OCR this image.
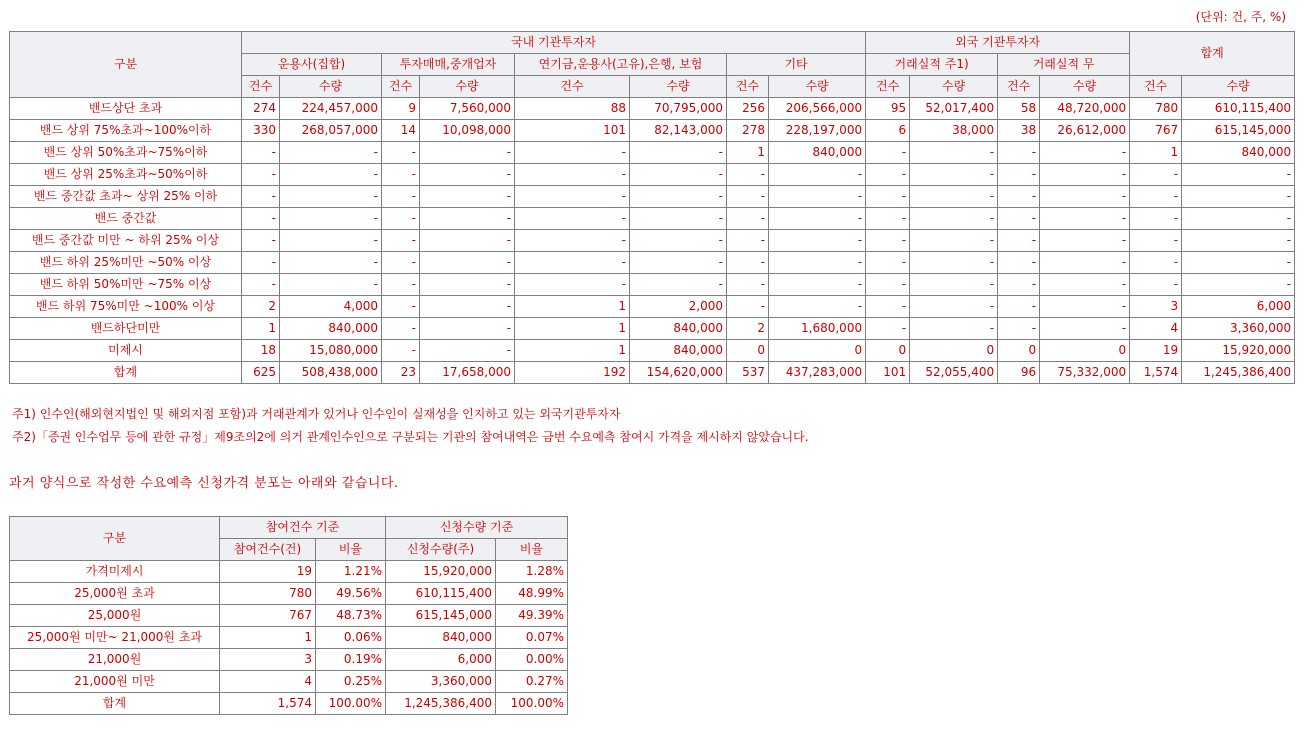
(단위: 건, 주, %)
구분	국내 기관투자자								외국 기관투자자				합계	
	운용사(집합)		투자매매,중개업자		연기금,운용사(고유),은행, 보험		기타		거래실적 주1)		거래실적 무			
	건수	수량	건수	수량	건수	수량	건수	수량	건수	수량	건수	수량	건수	수량
밴드상단 초과	274	224,457,000	9	7,560,000	88	70,795,000	256	206,566,000	95	52,017,400	58	48,720,000	780	610,115,400
밴드 상위 75%초과~100%이하	330	268,057,000	14	10,098,000	101	82,143,000	278	228,197,000	6	38,000	38	26,612,000	767	615,145,000
밴드 상위 50%초과~75%이하	-	-	-	-	-	-	1	840,000	-	-	-	-	1	840,000
밴드 상위 25%초과~50%이하	-	-	-	-	-	-	-	-	-	-	-	-	-	-
밴드 중간값 초과~ 상위 25% 이하	-	-	-	-	-	-	-	-	-	-	-	-	-	-
밴드 중간값	-	-	-	-	-	-	-	-	-	-	-	-	-	-
밴드 중간값 미만 ~ 하위 25% 이상	-	-	-	-	-	-	-	-	-	-	-	-	-	-
밴드 하위 25%미만 ~50% 이상	-	-	-	-	-	-	-	-	-	-	-	-	-	-
밴드 하위 50%미만 ~75% 이상	-	-	-	-	-	-	-	-	-	-	-	-	-	-
밴드 하위 75%미만 ~100% 이상	2	4,000	-	-	1	2,000	-	-	-	-	-	-	3	6,000
밴드하단미만	1	840,000	-	-	1	840,000	2	1,680,000	-	-	-	-	4	3,360,000
미제시	18	15,080,000	-	-	1	840,000	0	0	0	0	0	0	19	15,920,000
합계	625	508,438,000	23	17,658,000	192	154,620,000	537	437,283,000	101	52,055,400	96	75,332,000	1,574	1,245,386,400
주1) 인수인(해외현지법인 및 해외지점 포함)과 거래관계가 있거나 인수인이 실재성을 인지하고 있는 외국기관투자자
주2)「증권 인수업무 등에 관한 규정」제9조의2에 의거 관계인수인으로 구분되는 기관의 참여내역은 금번 수요예측 참여시 가격을 제시하지 않았습니다.
과거 양식으로 작성한 수요예측 신청가격 분포는 아래와 같습니다.
구분	참여건수 기준		신청수량 기준	
	참여건수(건)	비율	신청수량(주)	비율
가격미제시	19	1.21%	15,920,000	1.28%
25,000원 초과	780	49.56%	610,115,400	48.99%
25,000원	767	48.73%	615,145,000	49.39%
25,000원 미만~ 21,000원 초과	1	0.06%	840,000	0.07%
21,000원	3	0.19%	6,000	0.00%
21,000원 미만	4	0.25%	3,360,000	0.27%
합계	1,574	100.00%	1,245,386,400	100.00%
